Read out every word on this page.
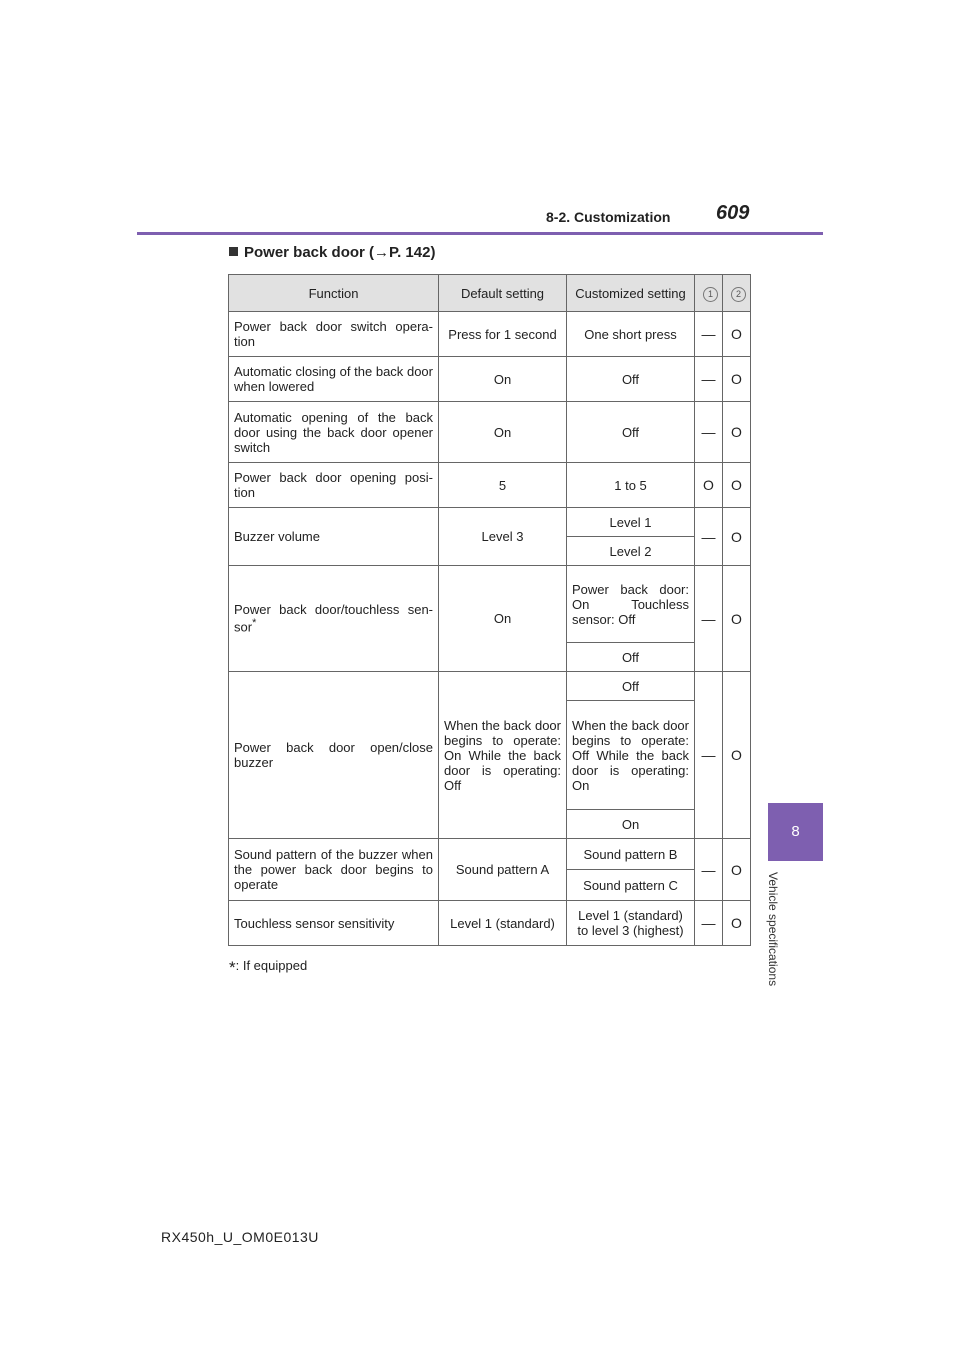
8-2. Customization 609
Power back door (→P. 142)
8
Vehicle specifications
Function	Default setting	Customized setting	1	2
Power back door switch opera-tion	Press for 1 second	One short press	—	O
Automatic closing of the back door when lowered	On	Off	—	O
Automatic opening of the back door using the back door opener switch	On	Off	—	O
Power back door opening posi-tion	5	1 to 5	O	O
Buzzer volume	Level 3	Level 1	—	O
		Level 2		
Power back door/touchless sen-sor*	On	Power back door: On Touchless sensor: Off	—	O
		Off		
Power back door open/close buzzer	When the back door begins to operate: On While the back door is operating: Off	Off	—	O
		When the back door begins to operate: Off While the back door is operating: On		
		On		
Sound pattern of the buzzer when the power back door begins to operate	Sound pattern A	Sound pattern B	—	O
		Sound pattern C		
Touchless sensor sensitivity	Level 1 (standard)	Level 1 (standard) to level 3 (highest)	—	O
*: If equipped
RX450h_U_OM0E013U
